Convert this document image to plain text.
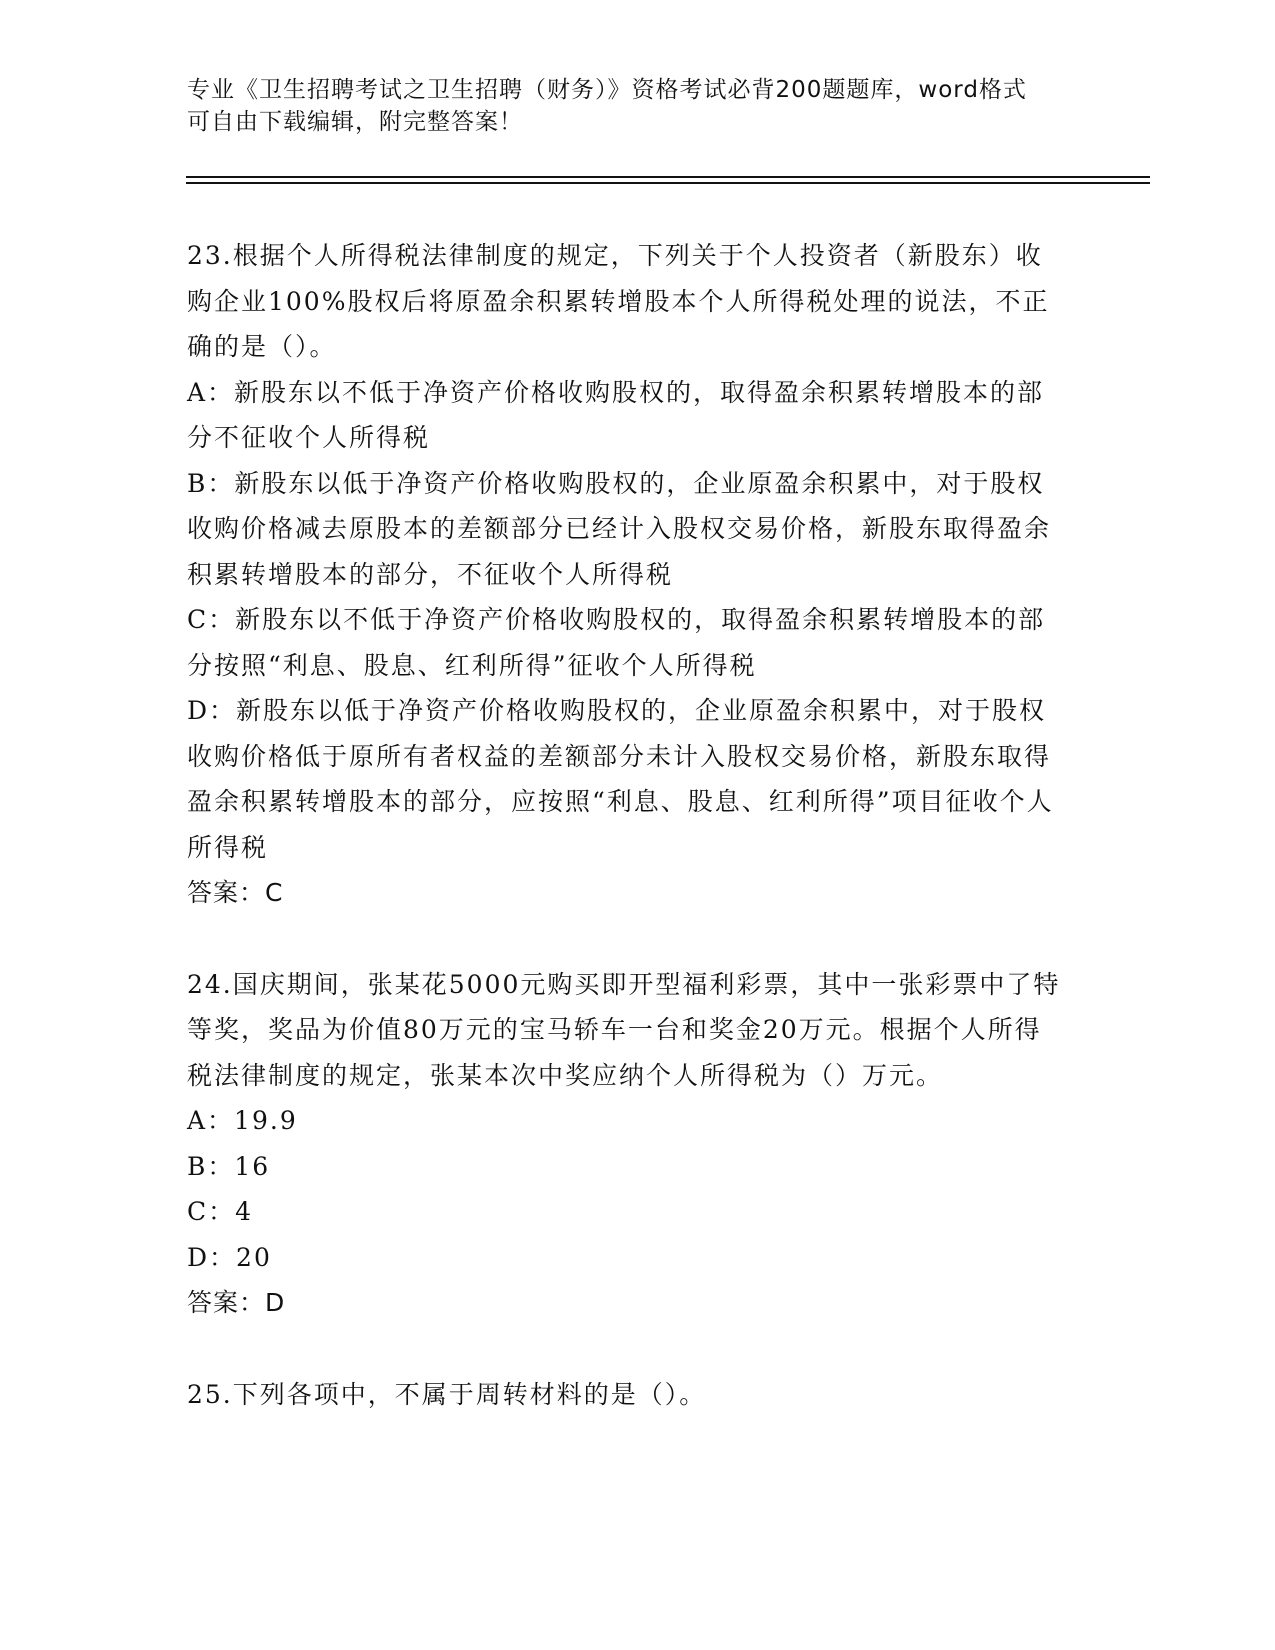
专业《卫生招聘考试之卫生招聘（财务）》资格考试必背200题题库，word格式
可自由下载编辑，附完整答案！

23.根据个人所得税法律制度的规定，下列关于个人投资者（新股东）收购企业100%股权后将原盈余积累转增股本个人所得税处理的说法，不正确的是（）。

A：新股东以不低于净资产价格收购股权的，取得盈余积累转增股本的部分不征收个人所得税

B：新股东以低于净资产价格收购股权的，企业原盈余积累中，对于股权收购价格减去原股本的差额部分已经计入股权交易价格，新股东取得盈余积累转增股本的部分，不征收个人所得税

C：新股东以不低于净资产价格收购股权的，取得盈余积累转增股本的部分按照“利息、股息、红利所得”征收个人所得税

D：新股东以低于净资产价格收购股权的，企业原盈余积累中，对于股权收购价格低于原所有者权益的差额部分未计入股权交易价格，新股东取得盈余积累转增股本的部分，应按照“利息、股息、红利所得”项目征收个人所得税

答案：C

24.国庆期间，张某花5000元购买即开型福利彩票，其中一张彩票中了特等奖，奖品为价值80万元的宝马轿车一台和奖金20万元。根据个人所得税法律制度的规定，张某本次中奖应纳个人所得税为（）万元。

A：19.9

B：16

C：4

D：20

答案：D

25.下列各项中，不属于周转材料的是（）。
